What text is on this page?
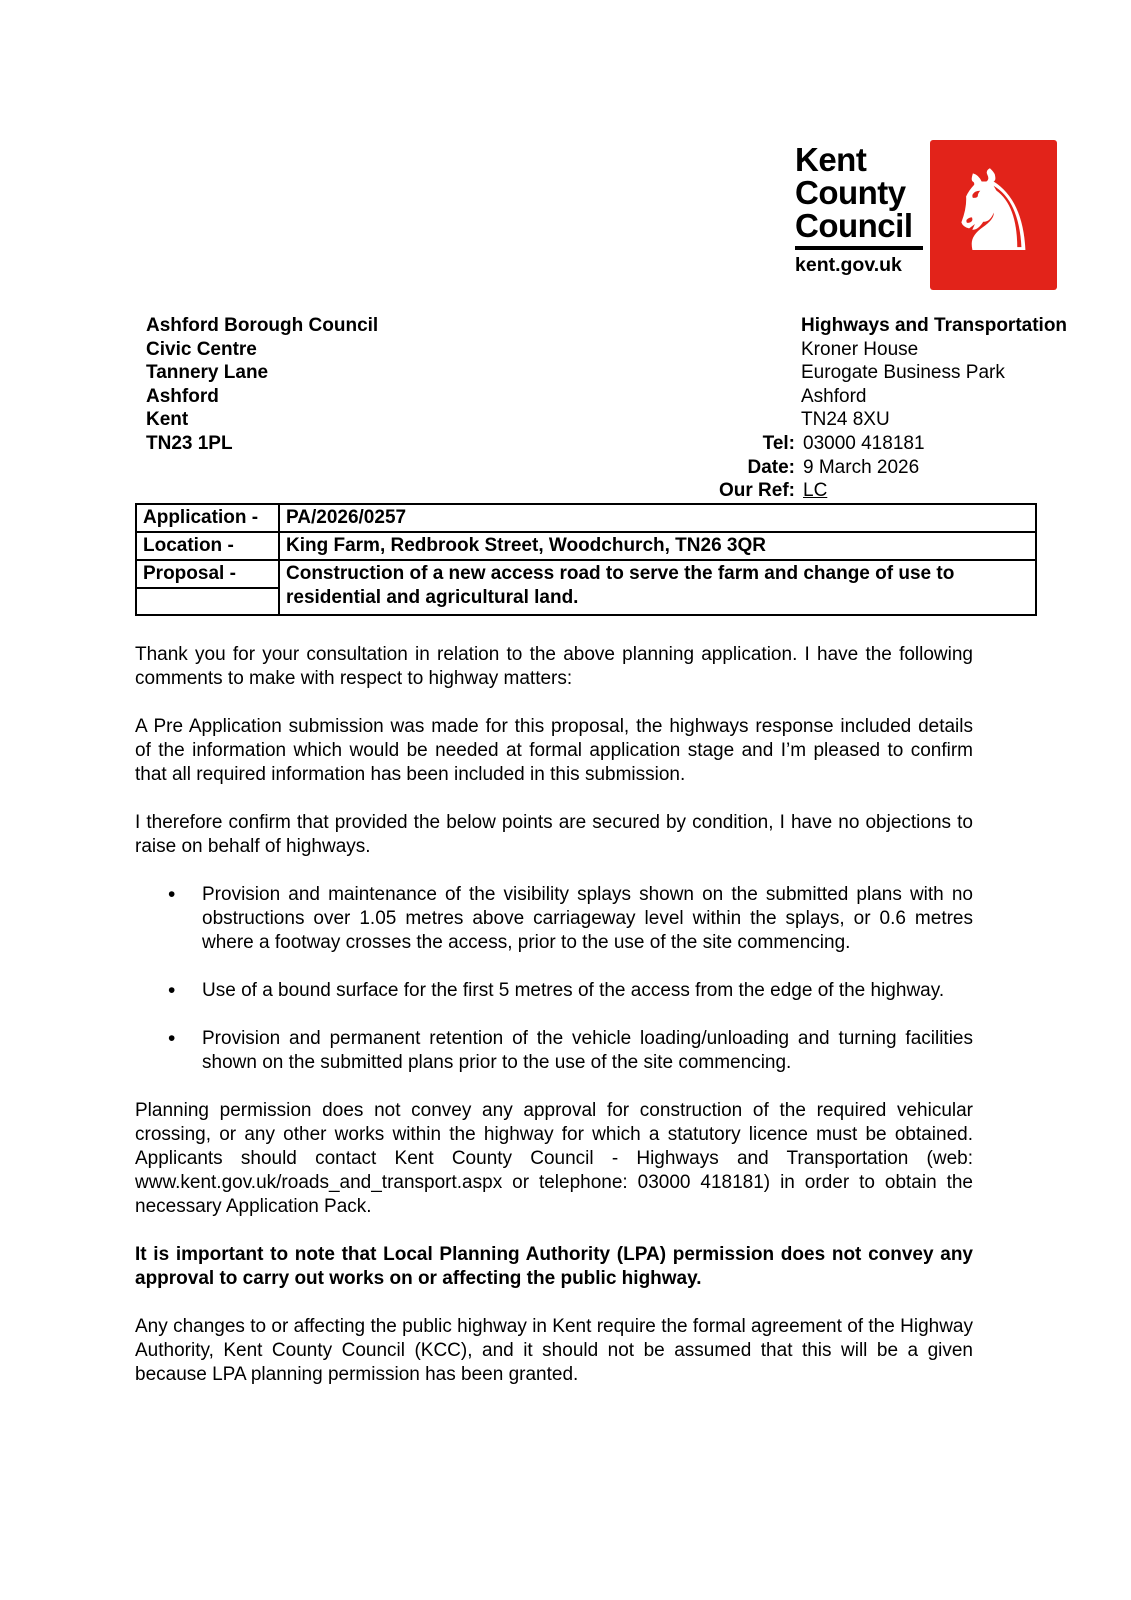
Kent
County
Council
kent.gov.uk ♞
Ashford Borough Council
Civic Centre
Tannery Lane
Ashford
Kent
TN23 1PL
Highways and Transportation
Kroner House
Eurogate Business Park
Ashford
TN24 8XU
Tel: 03000 418181
Date: 9 March 2026
Our Ref: LC
Application -	PA/2026/0257
Location -	King Farm, Redbrook Street, Woodchurch, TN26 3QR
Proposal -	Construction of a new access road to serve the farm and change of use to residential and agricultural land.

Thank you for your consultation in relation to the above planning application. I have the following comments to make with respect to highway matters:

A Pre Application submission was made for this proposal, the highways response included details of the information which would be needed at formal application stage and I’m pleased to confirm that all required information has been included in this submission.

I therefore confirm that provided the below points are secured by condition, I have no objections to raise on behalf of highways.

• Provision and maintenance of the visibility splays shown on the submitted plans with no obstructions over 1.05 metres above carriageway level within the splays, or 0.6 metres where a footway crosses the access, prior to the use of the site commencing.
• Use of a bound surface for the first 5 metres of the access from the edge of the highway.
• Provision and permanent retention of the vehicle loading/unloading and turning facilities shown on the submitted plans prior to the use of the site commencing.

Planning permission does not convey any approval for construction of the required vehicular crossing, or any other works within the highway for which a statutory licence must be obtained. Applicants should contact Kent County Council - Highways and Transportation (web: www.kent.gov.uk/roads_and_transport.aspx or telephone: 03000 418181) in order to obtain the necessary Application Pack.

It is important to note that Local Planning Authority (LPA) permission does not convey any approval to carry out works on or affecting the public highway.

Any changes to or affecting the public highway in Kent require the formal agreement of the Highway Authority, Kent County Council (KCC), and it should not be assumed that this will be a given because LPA planning permission has been granted.
